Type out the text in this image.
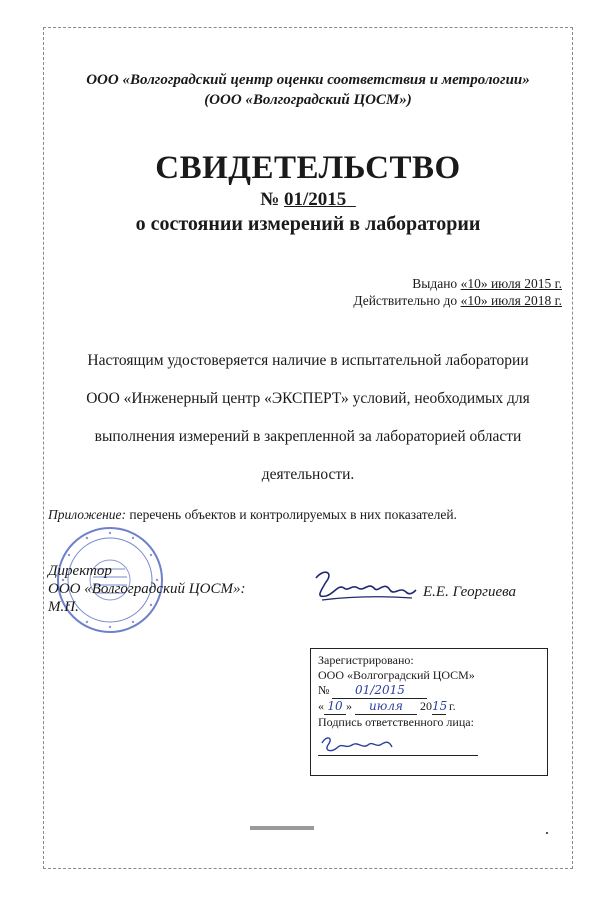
ООО «Волгоградский центр оценки соответствия и метрологии»
(ООО «Волгоградский ЦОСМ»)
СВИДЕТЕЛЬСТВО
№ 01/2015
о состоянии измерений в лаборатории
Выдано «10» июля 2015 г.
Действительно до «10» июля 2018 г.
Настоящим удостоверяется наличие в испытательной лаборатории
ООО «Инженерный центр «ЭКСПЕРТ» условий, необходимых для
выполнения измерений в закрепленной за лабораторией области
деятельности.
Приложение: перечень объектов и контролируемых в них показателей.
Директор
ООО «Волгоградский ЦОСМ»:
М.П.
Е.Е. Георгиева
Зарегистрировано:
ООО «Волгоградский ЦОСМ»
№ 01/2015
« 10 » июля 2015 г.
Подпись ответственного лица:
